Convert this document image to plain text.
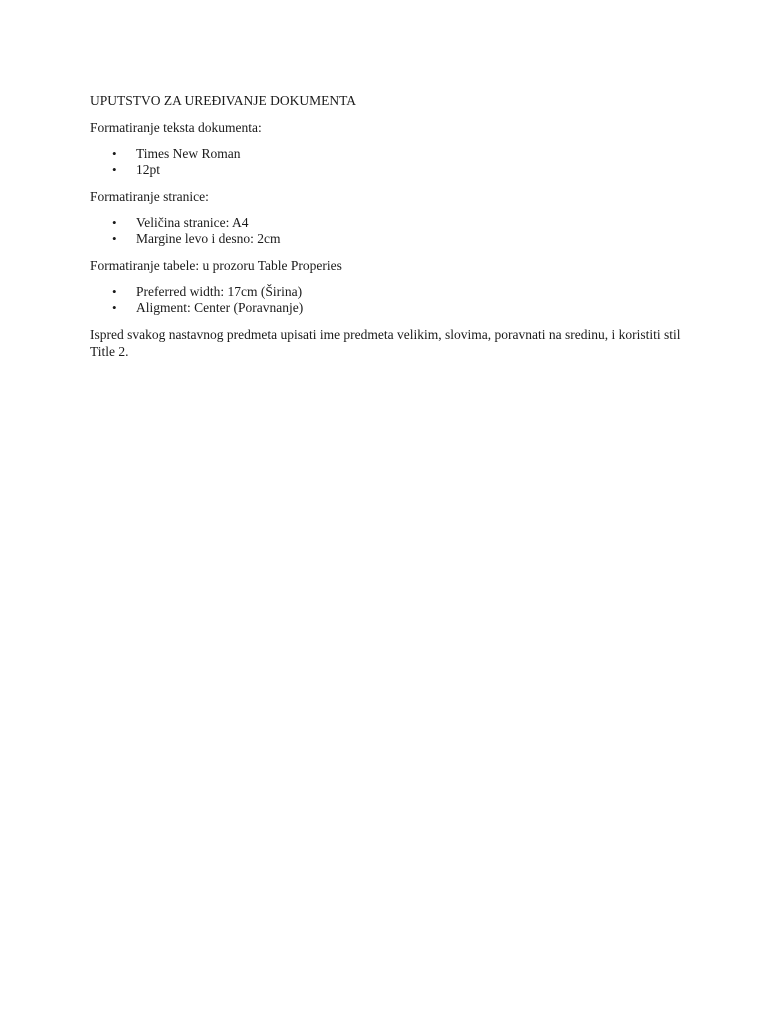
UPUTSTVO ZA UREĐIVANJE DOKUMENTA

Formatiranje teksta dokumenta:

• Times New Roman
• 12pt

Formatiranje stranice:

• Veličina stranice: A4
• Margine levo i desno: 2cm

Formatiranje tabele: u prozoru Table Properies

• Preferred width: 17cm (Širina)
• Aligment: Center (Poravnanje)

Ispred svakog nastavnog predmeta upisati ime predmeta velikim, slovima, poravnati na sredinu, i koristiti stil Title 2.
